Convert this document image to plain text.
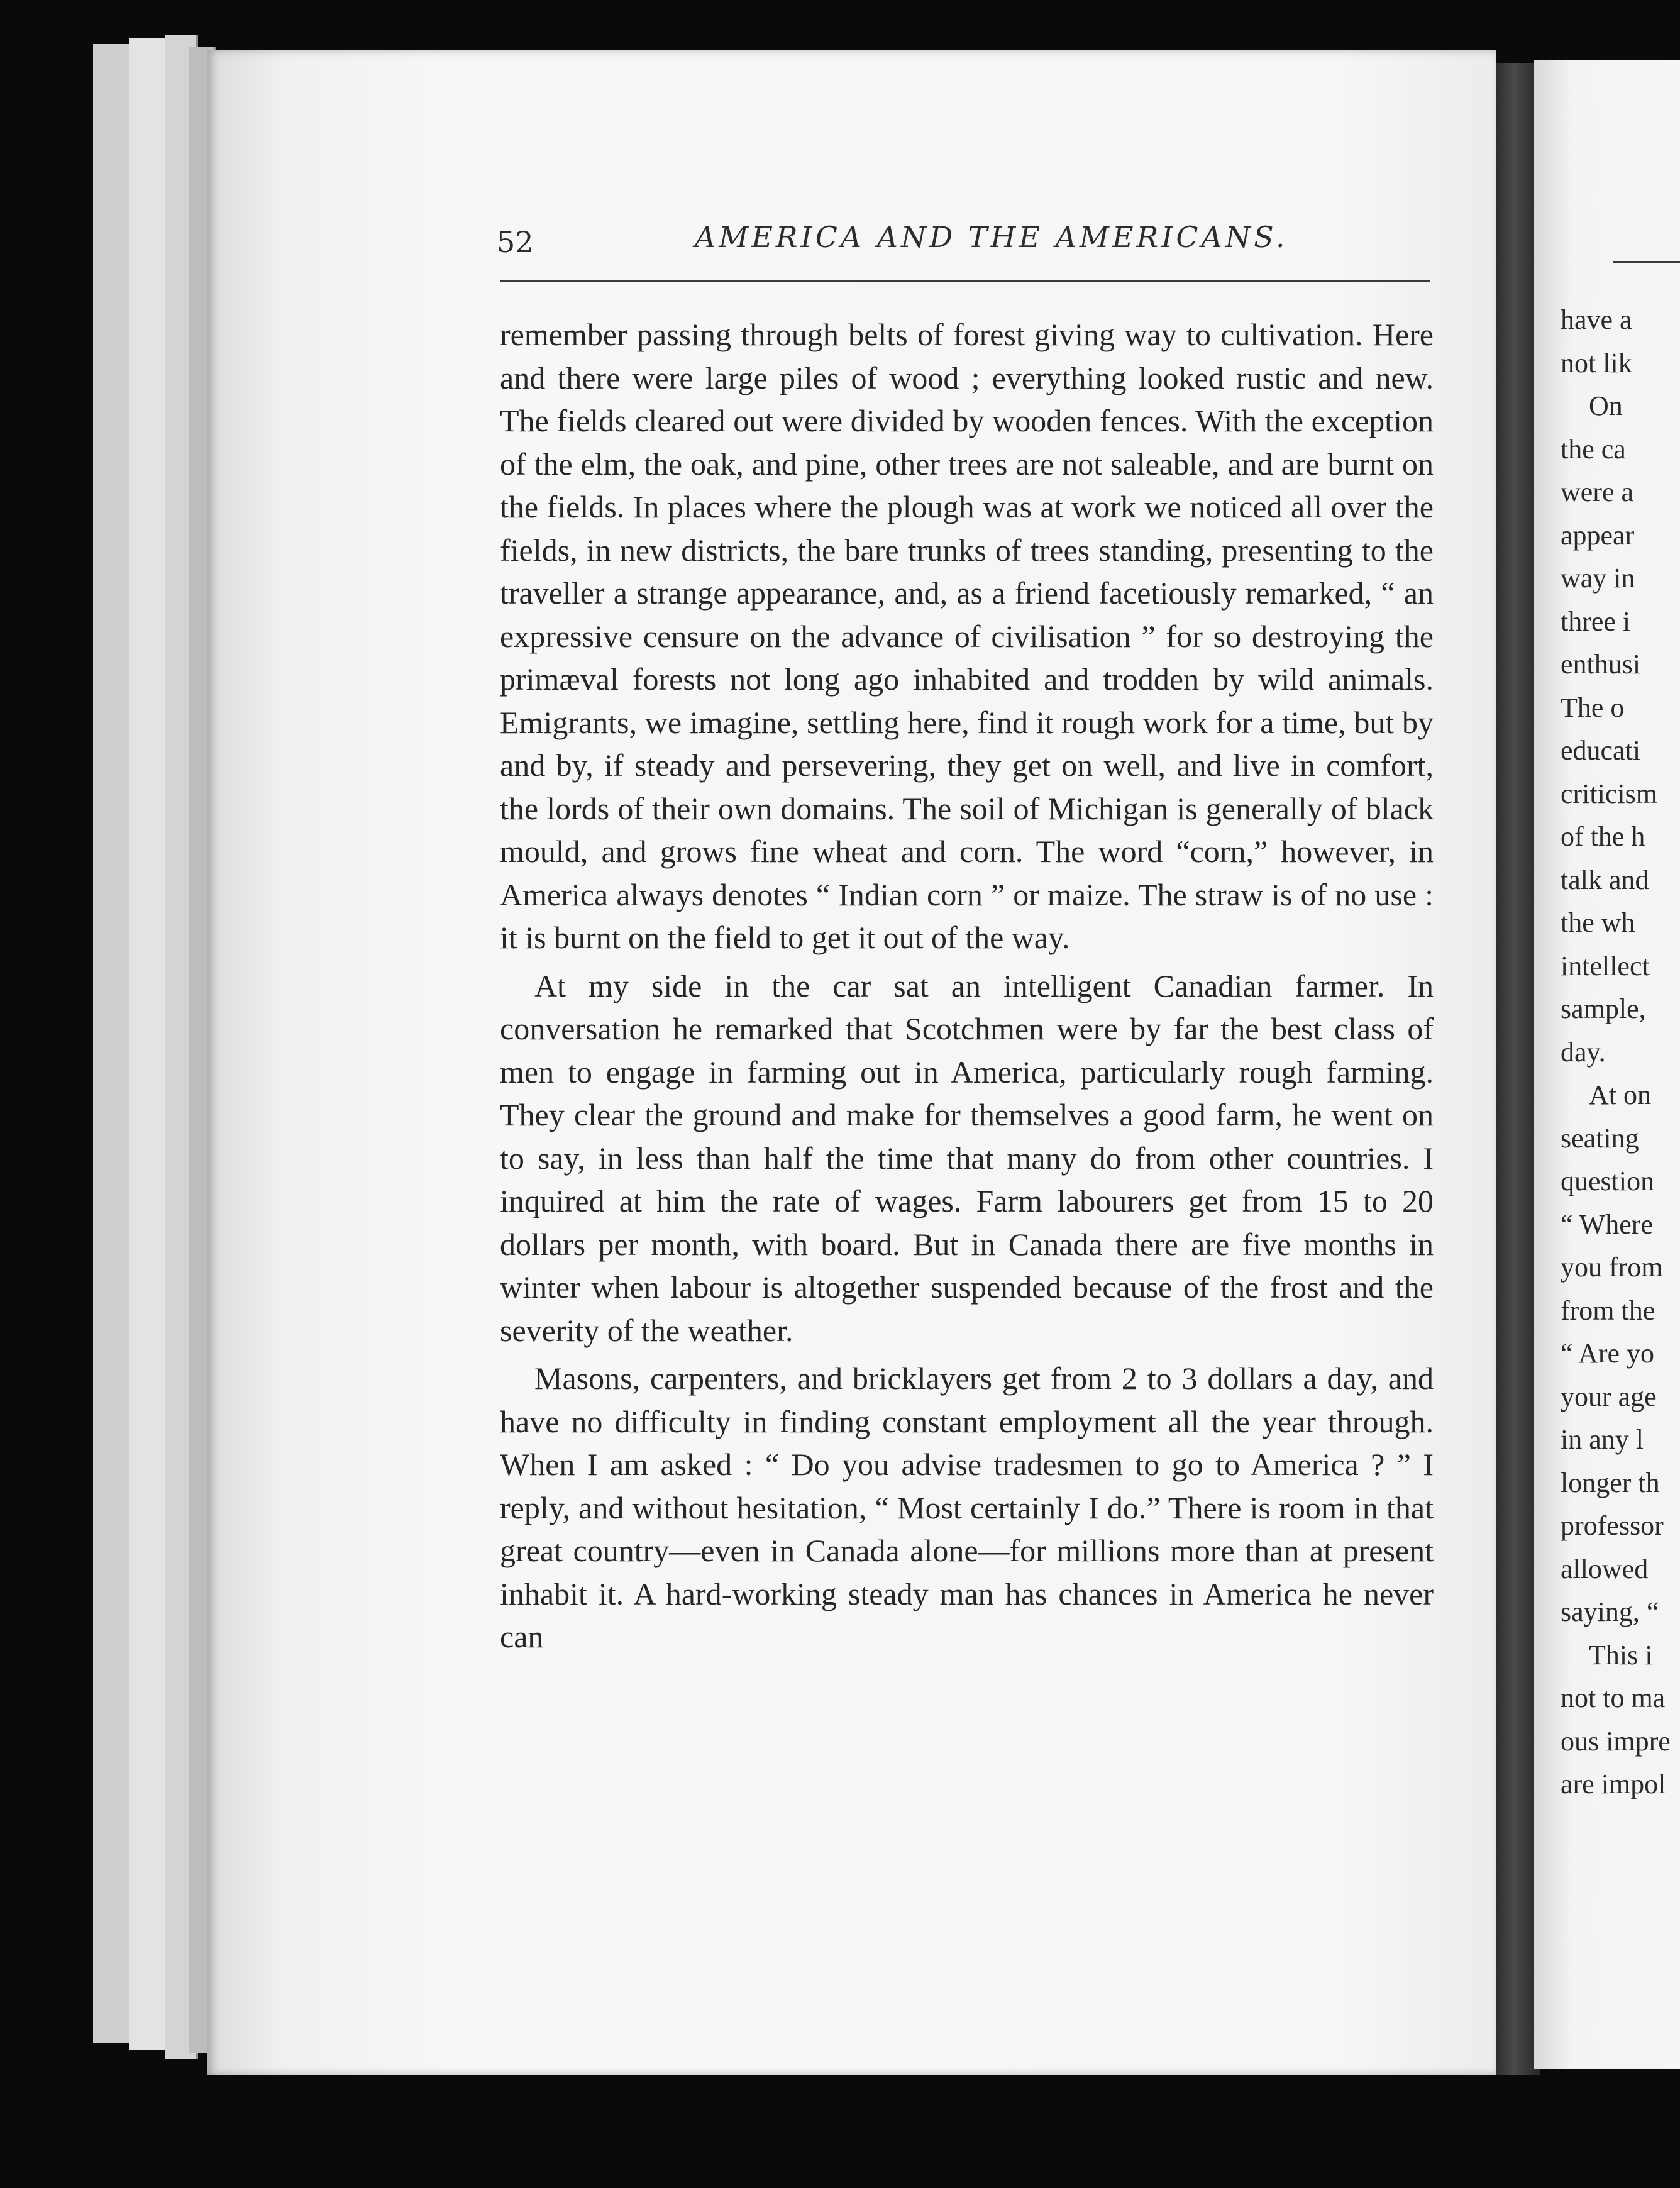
52	AMERICA AND THE AMERICANS.

remember passing through belts of forest giving way to cultivation. Here and there were large piles of wood ; everything looked rustic and new. The fields cleared out were divided by wooden fences. With the exception of the elm, the oak, and pine, other trees are not saleable, and are burnt on the fields. In places where the plough was at work we noticed all over the fields, in new districts, the bare trunks of trees standing, presenting to the traveller a strange appearance, and, as a friend facetiously remarked, “ an expressive censure on the advance of civilisation ” for so destroying the primæval forests not long ago inhabited and trodden by wild animals. Emigrants, we imagine, settling here, find it rough work for a time, but by and by, if steady and persevering, they get on well, and live in comfort, the lords of their own domains. The soil of Michigan is generally of black mould, and grows fine wheat and corn. The word “corn,” however, in America always denotes “ Indian corn ” or maize. The straw is of no use : it is burnt on the field to get it out of the way.

At my side in the car sat an intelligent Canadian farmer. In conversation he remarked that Scotchmen were by far the best class of men to engage in farming out in America, particularly rough farming. They clear the ground and make for themselves a good farm, he went on to say, in less than half the time that many do from other countries. I inquired at him the rate of wages. Farm labourers get from 15 to 20 dollars per month, with board. But in Canada there are five months in winter when labour is altogether suspended because of the frost and the severity of the weather.

Masons, carpenters, and bricklayers get from 2 to 3 dollars a day, and have no difficulty in finding constant employment all the year through. When I am asked : “ Do you advise tradesmen to go to America ? ” I reply, and without hesitation, “ Most certainly I do.” There is room in that great country—even in Canada alone—for millions more than at present inhabit it. A hard-working steady man has chances in America he never can

have a
not lik
On
the ca
were a
appear
way in
three i
enthusi
The o
educati
criticism
of the h
talk and
the wh
intellect
sample,
day.
At on
seating
question
“ Where
you from
from the
“ Are yo
your age
in any l
longer th
professor
allowed
saying, “
This i
not to ma
ous impre
are impol
